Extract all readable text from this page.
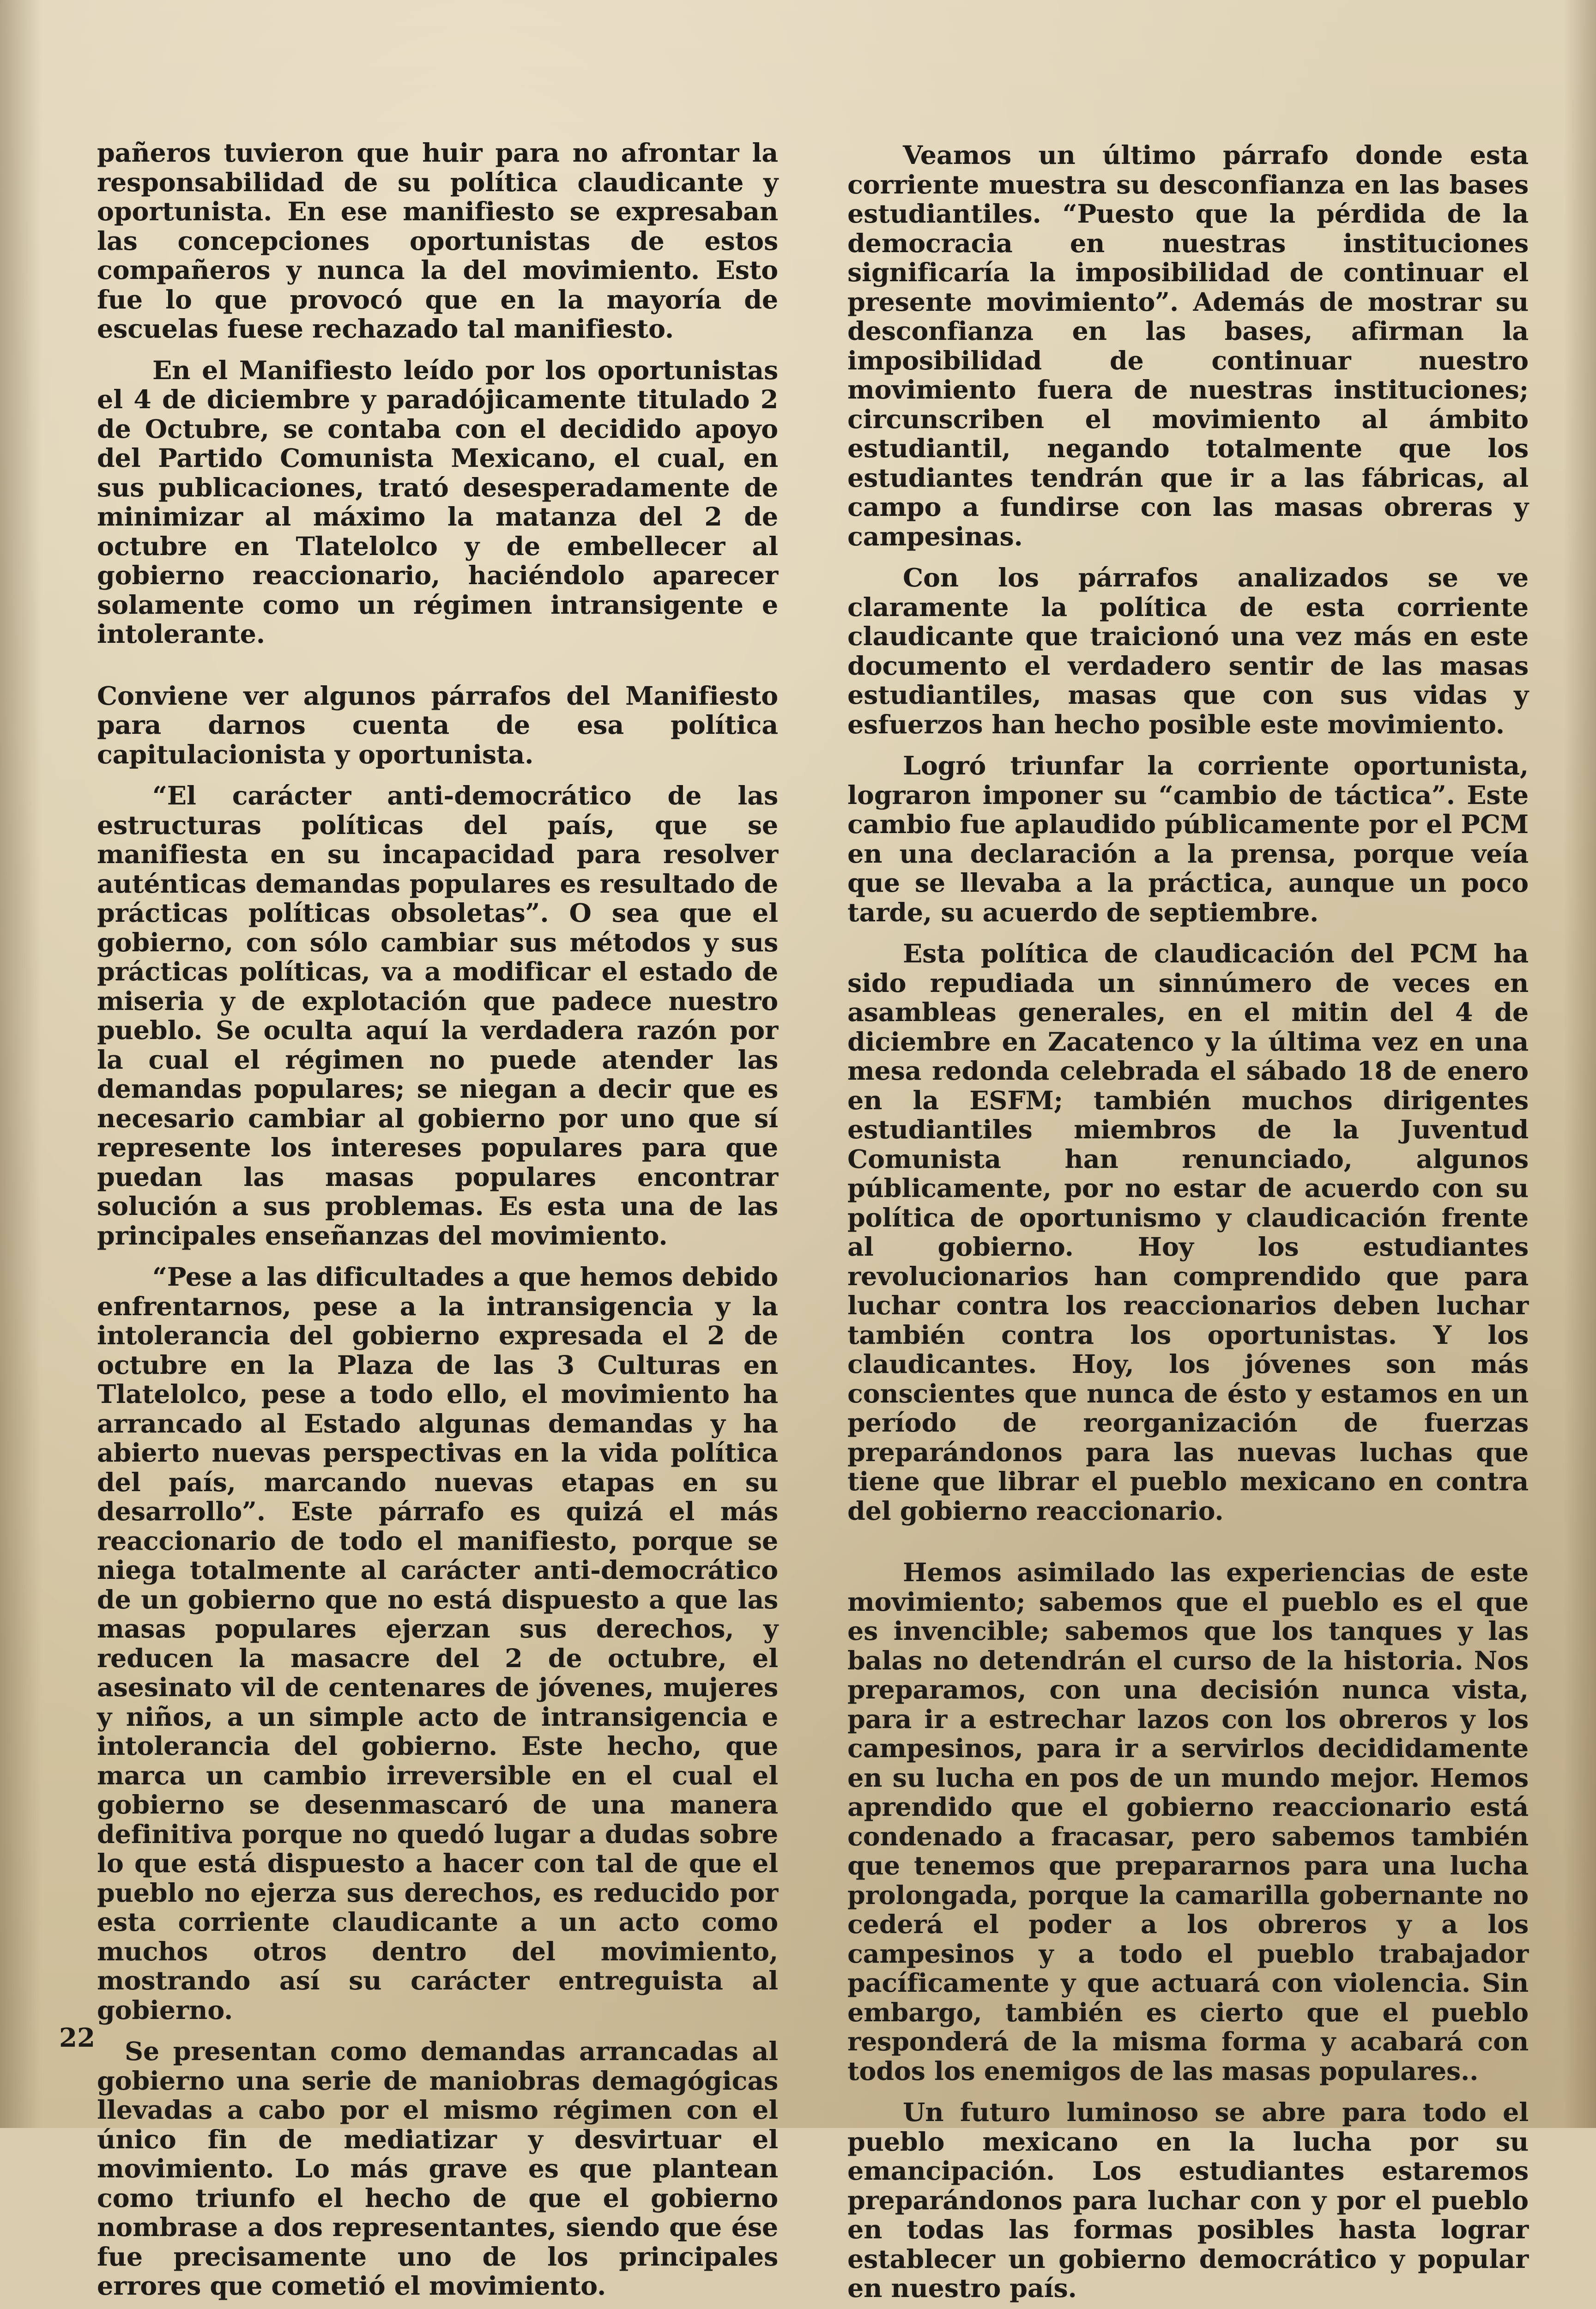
pañeros tuvieron que huir para no afrontar la responsabilidad de su política claudicante y oportunista. En ese manifiesto se expresaban las concepciones oportunistas de estos compañeros y nunca la del movimiento. Esto fue lo que provocó que en la mayoría de escuelas fuese rechazado tal manifiesto.

En el Manifiesto leído por los oportunistas el 4 de diciembre y paradójicamente titulado 2 de Octubre, se contaba con el decidido apoyo del Partido Comunista Mexicano, el cual, en sus publicaciones, trató desesperadamente de minimizar al máximo la matanza del 2 de octubre en Tlatelolco y de embellecer al gobierno reaccionario, haciéndolo aparecer solamente como un régimen intransigente e intolerante.

Conviene ver algunos párrafos del Manifiesto para darnos cuenta de esa política capitulacionista y oportunista.

“El carácter anti-democrático de las estructuras políticas del país, que se manifiesta en su incapacidad para resolver auténticas demandas populares es resultado de prácticas políticas obsoletas”. O sea que el gobierno, con sólo cambiar sus métodos y sus prácticas políticas, va a modificar el estado de miseria y de explotación que padece nuestro pueblo. Se oculta aquí la verdadera razón por la cual el régimen no puede atender las demandas populares; se niegan a decir que es necesario cambiar al gobierno por uno que sí represente los intereses populares para que puedan las masas populares encontrar solución a sus problemas. Es esta una de las principales enseñanzas del movimiento.

“Pese a las dificultades a que hemos debido enfrentarnos, pese a la intransigencia y la intolerancia del gobierno expresada el 2 de octubre en la Plaza de las 3 Culturas en Tlatelolco, pese a todo ello, el movimiento ha arrancado al Estado algunas demandas y ha abierto nuevas perspectivas en la vida política del país, marcando nuevas etapas en su desarrollo”. Este párrafo es quizá el más reaccionario de todo el manifiesto, porque se niega totalmente al carácter anti-democrático de un gobierno que no está dispuesto a que las masas populares ejerzan sus derechos, y reducen la masacre del 2 de octubre, el asesinato vil de centenares de jóvenes, mujeres y niños, a un simple acto de intransigencia e intolerancia del gobierno. Este hecho, que marca un cambio irreversible en el cual el gobierno se desenmascaró de una manera definitiva porque no quedó lugar a dudas sobre lo que está dispuesto a hacer con tal de que el pueblo no ejerza sus derechos, es reducido por esta corriente claudicante a un acto como muchos otros dentro del movimiento, mostrando así su carácter entreguista al gobierno.

Se presentan como demandas arrancadas al gobierno una serie de maniobras demagógicas llevadas a cabo por el mismo régimen con el único fin de mediatizar y desvirtuar el movimiento. Lo más grave es que plantean como triunfo el hecho de que el gobierno nombrase a dos representantes, siendo que ése fue precisamente uno de los principales errores que cometió el movimiento.

Veamos un último párrafo donde esta corriente muestra su desconfianza en las bases estudiantiles. “Puesto que la pérdida de la democracia en nuestras instituciones significaría la imposibilidad de continuar el presente movimiento”. Además de mostrar su desconfianza en las bases, afirman la imposibilidad de continuar nuestro movimiento fuera de nuestras instituciones; circunscriben el movimiento al ámbito estudiantil, negando totalmente que los estudiantes tendrán que ir a las fábricas, al campo a fundirse con las masas obreras y campesinas.

Con los párrafos analizados se ve claramente la política de esta corriente claudicante que traicionó una vez más en este documento el verdadero sentir de las masas estudiantiles, masas que con sus vidas y esfuerzos han hecho posible este movimiento.

Logró triunfar la corriente oportunista, lograron imponer su “cambio de táctica”. Este cambio fue aplaudido públicamente por el PCM en una declaración a la prensa, porque veía que se llevaba a la práctica, aunque un poco tarde, su acuerdo de septiembre.

Esta política de claudicación del PCM ha sido repudiada un sinnúmero de veces en asambleas generales, en el mitin del 4 de diciembre en Zacatenco y la última vez en una mesa redonda celebrada el sábado 18 de enero en la ESFM; también muchos dirigentes estudiantiles miembros de la Juventud Comunista han renunciado, algunos públicamente, por no estar de acuerdo con su política de oportunismo y claudicación frente al gobierno. Hoy los estudiantes revolucionarios han comprendido que para luchar contra los reaccionarios deben luchar también contra los oportunistas. Y los claudicantes. Hoy, los jóvenes son más conscientes que nunca de ésto y estamos en un período de reorganización de fuerzas preparándonos para las nuevas luchas que tiene que librar el pueblo mexicano en contra del gobierno reaccionario.

Hemos asimilado las experiencias de este movimiento; sabemos que el pueblo es el que es invencible; sabemos que los tanques y las balas no detendrán el curso de la historia. Nos preparamos, con una decisión nunca vista, para ir a estrechar lazos con los obreros y los campesinos, para ir a servirlos decididamente en su lucha en pos de un mundo mejor. Hemos aprendido que el gobierno reaccionario está condenado a fracasar, pero sabemos también que tenemos que prepararnos para una lucha prolongada, porque la camarilla gobernante no cederá el poder a los obreros y a los campesinos y a todo el pueblo trabajador pacíficamente y que actuará con violencia. Sin embargo, también es cierto que el pueblo responderá de la misma forma y acabará con todos los enemigos de las masas populares..

Un futuro luminoso se abre para todo el pueblo mexicano en la lucha por su emancipación. Los estudiantes estaremos preparándonos para luchar con y por el pueblo en todas las formas posibles hasta lograr establecer un gobierno democrático y popular en nuestro país.

22
